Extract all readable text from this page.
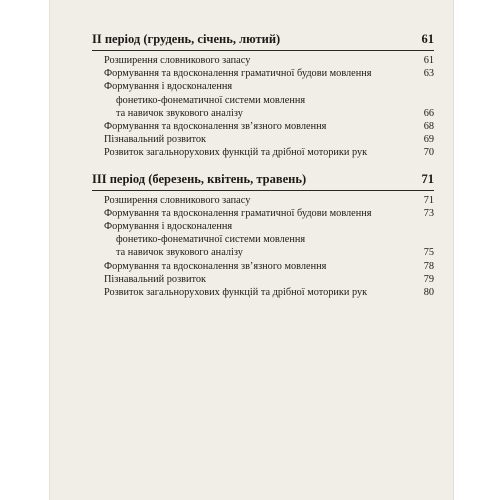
ІІ період (грудень, січень, лютий)	61
Розширення словникового запасу	61
Формування та вдосконалення граматичної будови мовлення	63
Формування і вдосконалення
фонетико-фонематичної системи мовлення
та навичок звукового аналізу	66
Формування та вдосконалення зв’язного мовлення	68
Пізнавальний розвиток	69
Розвиток загальнорухових функцій та дрібної моторики рук	70
ІІІ період (березень, квітень, травень)	71
Розширення словникового запасу	71
Формування та вдосконалення граматичної будови мовлення	73
Формування і вдосконалення
фонетико-фонематичної системи мовлення
та навичок звукового аналізу	75
Формування та вдосконалення зв’язного мовлення	78
Пізнавальний розвиток	79
Розвиток загальнорухових функцій та дрібної моторики рук	80
